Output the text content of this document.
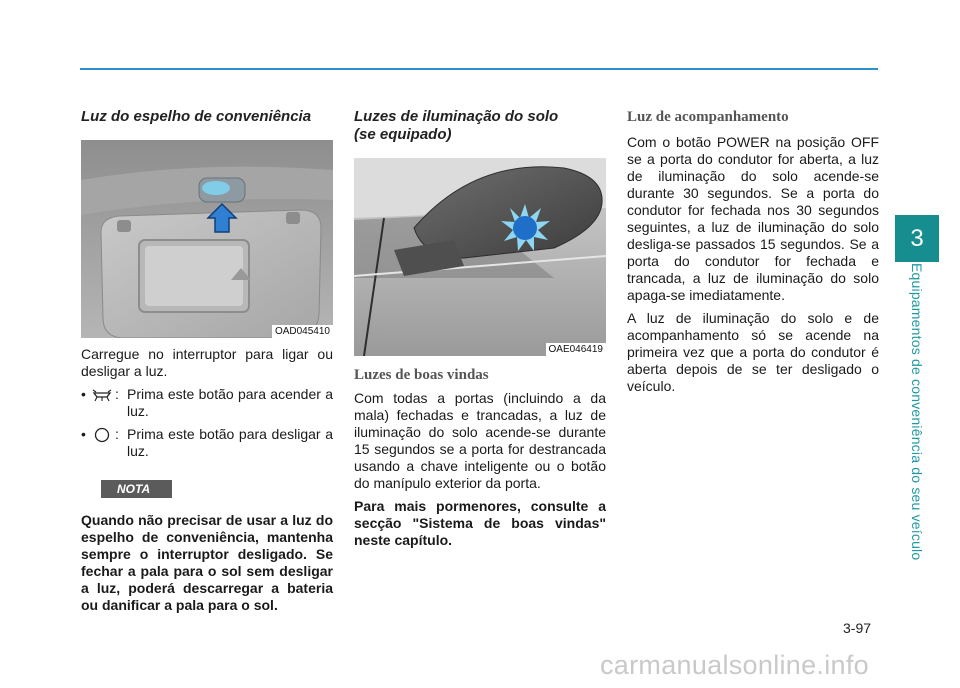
3
Equipamentos de conveniência do seu veículo
Luz do espelho de conveniência
OAD045410

Carregue no interruptor para ligar ou desligar a luz.

•	: Prima este botão para acender a luz.
•	: Prima este botão para desligar a luz.
NOTA

Quando não precisar de usar a luz do espelho de conveniência, mantenha sempre o interruptor desligado. Se fechar a pala para o sol sem desligar a luz, poderá descarregar a bateria ou danificar a pala para o sol.

Luzes de iluminação do solo
(se equipado)
OAE046419
Luzes de boas vindas

Com todas a portas (incluindo a da mala) fechadas e trancadas, a luz de iluminação do solo acende-se durante 15 segundos se a porta for destrancada usando a chave inteligente ou o botão do manípulo exterior da porta.

Para mais pormenores, consulte a secção "Sistema de boas vindas" neste capítulo.

Luz de acompanhamento

Com o botão POWER na posição OFF se a porta do condutor for aberta, a luz de iluminação do solo acende-se durante 30 segundos. Se a porta do condutor for fechada nos 30 segundos seguintes, a luz de iluminação do solo desliga-se passados 15 segundos. Se a porta do condutor for fechada e trancada, a luz de iluminação do solo apaga-se imediatamente.

A luz de iluminação do solo e de acompanhamento só se acende na primeira vez que a porta do condutor é aberta depois de se ter desligado o veículo.

3-97
carmanualsonline.info
